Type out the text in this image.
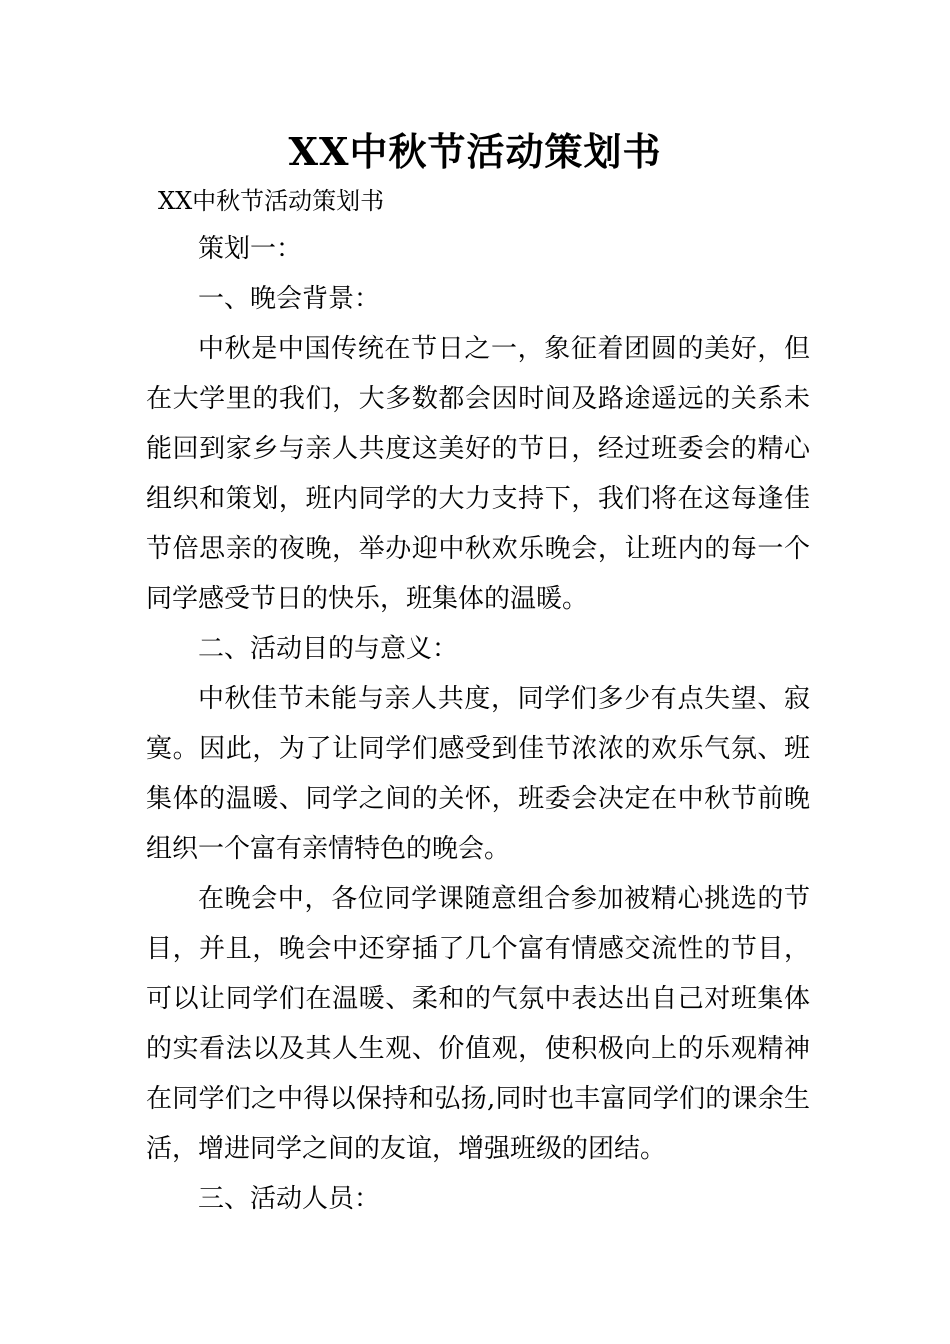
XX中秋节活动策划书
XX中秋节活动策划书

策划一：

一、晚会背景：

中秋是中国传统在节日之一，象征着团圆的美好，但在大学里的我们，大多数都会因时间及路途遥远的关系未能回到家乡与亲人共度这美好的节日，经过班委会的精心组织和策划，班内同学的大力支持下，我们将在这每逢佳节倍思亲的夜晚，举办迎中秋欢乐晚会，让班内的每一个同学感受节日的快乐，班集体的温暖。

二、活动目的与意义：

中秋佳节未能与亲人共度，同学们多少有点失望、寂寞。因此，为了让同学们感受到佳节浓浓的欢乐气氛、班集体的温暖、同学之间的关怀，班委会决定在中秋节前晚组织一个富有亲情特色的晚会。

在晚会中，各位同学课随意组合参加被精心挑选的节目，并且，晚会中还穿插了几个富有情感交流性的节目，可以让同学们在温暖、柔和的气氛中表达出自己对班集体的实看法以及其人生观、价值观，使积极向上的乐观精神在同学们之中得以保持和弘扬,同时也丰富同学们的课余生活，增进同学之间的友谊，增强班级的团结。

三、活动人员：
